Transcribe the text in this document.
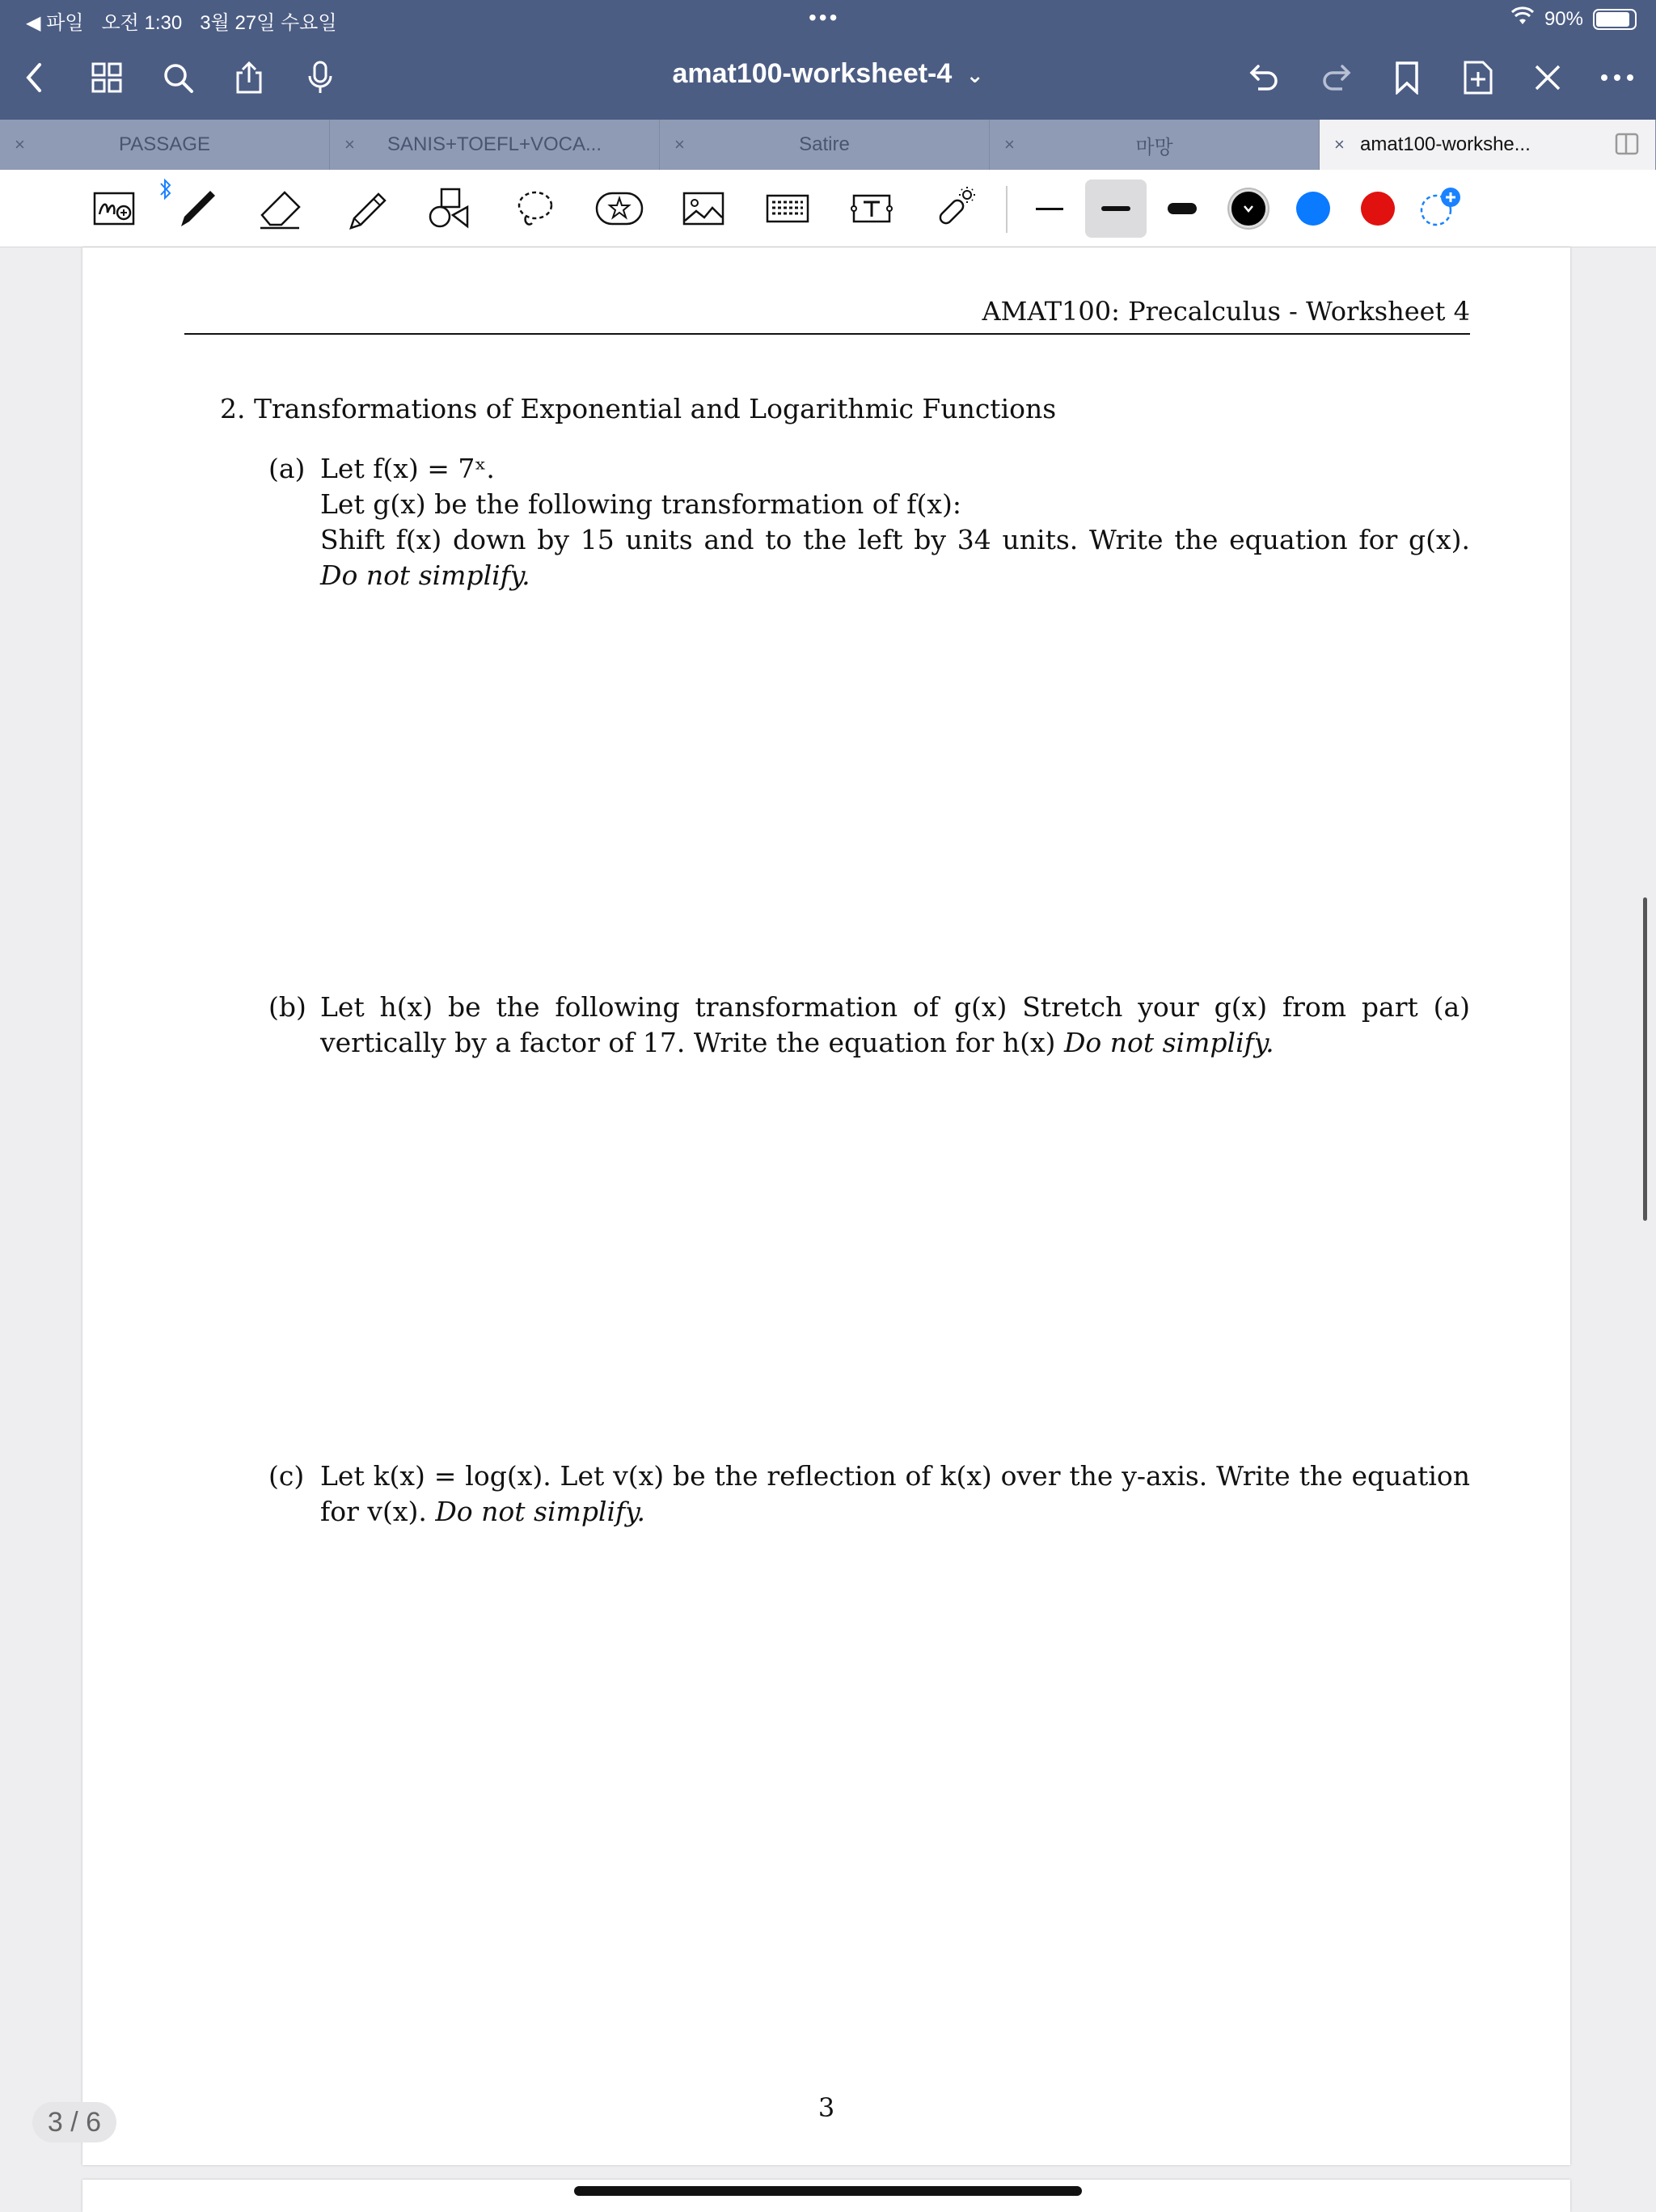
◀ 파일 오전 1:30 3월 27일 수요일	•••	90%
amat100-worksheet-4 ⌄
×	PASSAGE	×	SANIS+TOEFL+VOCA...	×	Satire	×	마망	× amat100-workshe...
AMAT100: Precalculus - Worksheet 4
2. Transformations of Exponential and Logarithmic Functions
(a) Let f(x) = 7ˣ.
Let g(x) be the following transformation of f(x):
Shift f(x) down by 15 units and to the left by 34 units. Write the equation for g(x). Do not simplify.
(b) Let h(x) be the following transformation of g(x) Stretch your g(x) from part (a) vertically by a factor of 17. Write the equation for h(x) Do not simplify.
(c) Let k(x) = log(x). Let v(x) be the reflection of k(x) over the y-axis. Write the equation for v(x). Do not simplify.
3
3 / 6
